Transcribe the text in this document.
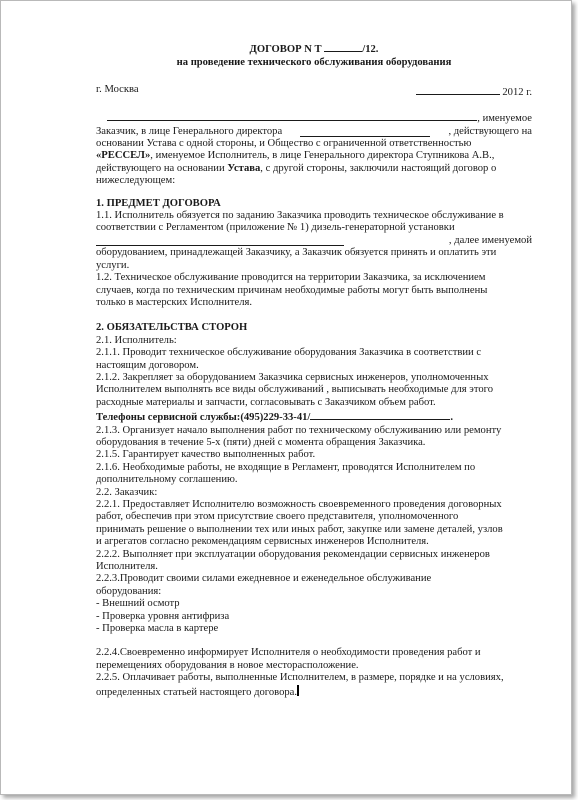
ДОГОВОР N Т	/12.
на проведение технического обслуживания оборудования
г. Москва	2012 г.

, именуемое

Заказчик, в лице Генерального директора	, действующего на

основании Устава с одной стороны, и Общество с ограниченной ответственностью

«РЕССЕЛ», именуемое Исполнитель, в лице Генерального директора Ступникова А.В.,

действующего на основании Устава, с другой стороны, заключили настоящий договор о

нижеследующем:

1. ПРЕДМЕТ ДОГОВОРА

1.1. Исполнитель обязуется по заданию Заказчика проводить техническое обслуживание в

соответствии с Регламентом (приложение № 1) дизель-генераторной установки

, далее именуемой

оборудованием, принадлежащей Заказчику, а Заказчик обязуется принять и оплатить эти

услуги.

1.2. Техническое обслуживание проводится на территории Заказчика, за исключением

случаев, когда по техническим причинам необходимые работы могут быть выполнены

только в мастерских Исполнителя.

2. ОБЯЗАТЕЛЬСТВА СТОРОН

2.1. Исполнитель:

2.1.1. Проводит техническое обслуживание оборудования Заказчика в соответствии с

настоящим договором.

2.1.2. Закрепляет за оборудованием Заказчика сервисных инженеров, уполномоченных

Исполнителем выполнять все виды обслуживаний , выписывать необходимые для этого

расходные материалы и запчасти, согласовывать с Заказчиком объем работ.

Телефоны сервисной службы:(495)229-33-41/	.

2.1.3. Организует начало выполнения работ по техническому обслуживанию или ремонту

оборудования в течение 5-х (пяти) дней с момента обращения Заказчика.

2.1.5. Гарантирует качество выполненных работ.

2.1.6. Необходимые работы, не входящие в Регламент, проводятся Исполнителем по

дополнительному соглашению.

2.2. Заказчик:

2.2.1. Предоставляет Исполнителю возможность своевременного проведения договорных

работ, обеспечив при этом присутствие своего представителя, уполномоченного

принимать решение о выполнении тех или иных работ, закупке или замене деталей, узлов

и агрегатов согласно рекомендациям сервисных инженеров Исполнителя.

2.2.2. Выполняет при эксплуатации оборудования рекомендации сервисных инженеров

Исполнителя.

2.2.3.Проводит своими силами ежедневное и еженедельное обслуживание

оборудования:

- Внешний осмотр

- Проверка уровня антифриза

- Проверка масла в картере

2.2.4.Своевременно информирует Исполнителя о необходимости проведения работ и

перемещениях оборудования в новое месторасположение.

2.2.5. Оплачивает работы, выполненные Исполнителем, в размере, порядке и на условиях,

определенных статьей настоящего договора.
